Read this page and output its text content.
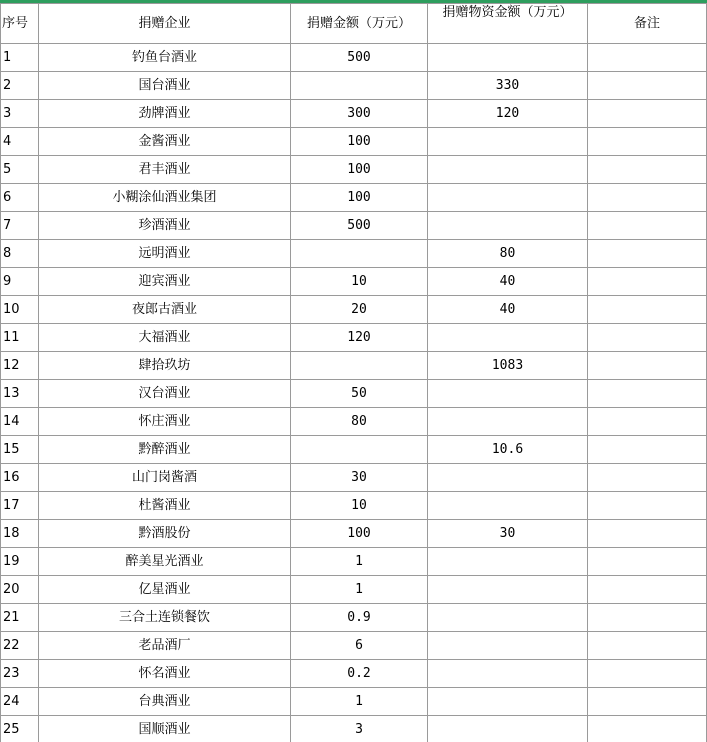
序号	捐赠企业	捐赠金额（万元）	捐赠物资金额（万元）	备注
1	钓鱼台酒业	500		
2	国台酒业		330	
3	劲牌酒业	300	120	
4	金酱酒业	100		
5	君丰酒业	100		
6	小糊涂仙酒业集团	100		
7	珍酒酒业	500		
8	远明酒业		80	
9	迎宾酒业	10	40	
10	夜郎古酒业	20	40	
11	大福酒业	120		
12	肆拾玖坊		1083	
13	汉台酒业	50		
14	怀庄酒业	80		
15	黔醉酒业		10.6	
16	山门岗酱酒	30		
17	杜酱酒业	10		
18	黔酒股份	100	30	
19	醉美星光酒业	1		
20	亿星酒业	1		
21	三合土连锁餐饮	0.9		
22	老品酒厂	6		
23	怀名酒业	0.2		
24	台典酒业	1		
25	国顺酒业	3		
